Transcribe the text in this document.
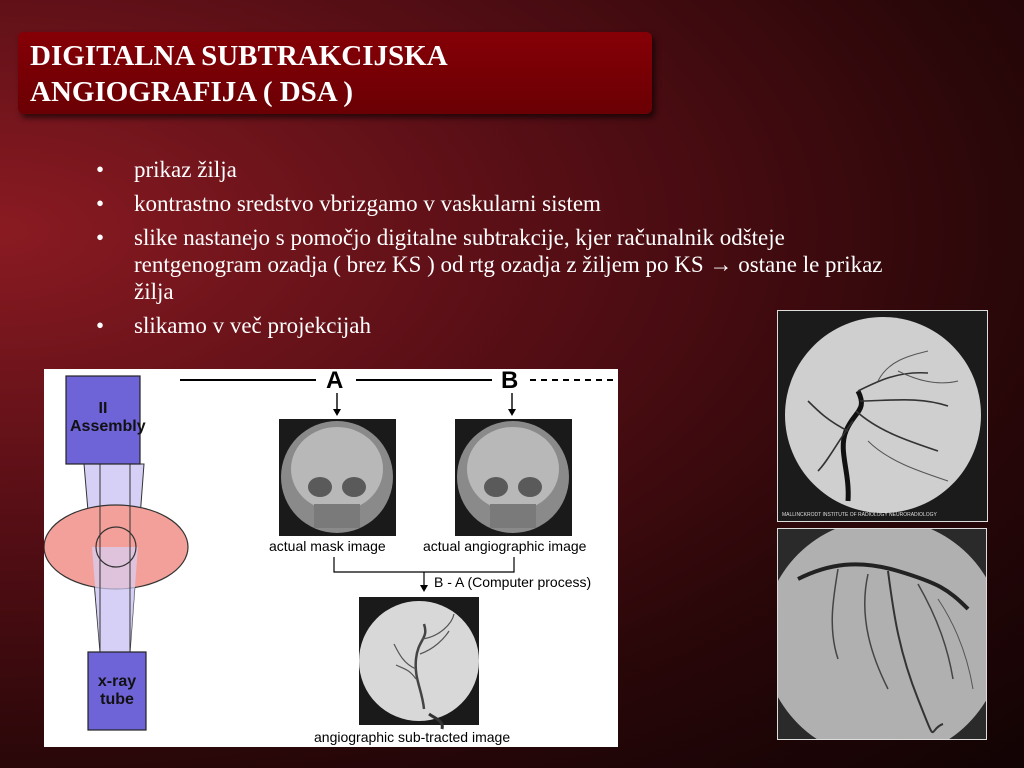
DIGITALNA SUBTRAKCIJSKA
ANGIOGRAFIJA ( DSA )
• prikaz žilja
• kontrastno sredstvo vbrizgamo v vaskularni sistem
• slike nastanejo s pomočjo digitalne subtrakcije, kjer računalnik odšteje rentgenogram ozadja ( brez KS ) od rtg ozadja z žiljem po KS → ostane le prikaz žilja
• slikamo v več projekcijah
II Assembly
x-ray tube
A	B
actual mask image	actual angiographic image
B - A (Computer process)
angiographic sub-tracted image
MALLINCKRODT INSTITUTE OF RADIOLOGY NEURORADIOLOGY
